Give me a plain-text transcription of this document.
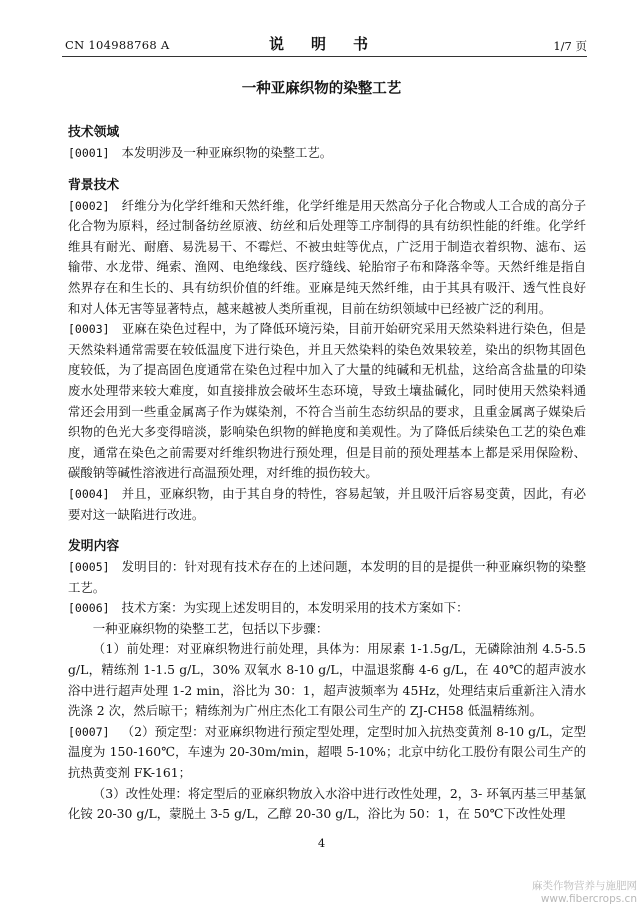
CN 104988768 A	说　明　书	1/7 页
一种亚麻织物的染整工艺
技术领域

[0001] 本发明涉及一种亚麻织物的染整工艺。

背景技术

[0002] 纤维分为化学纤维和天然纤维，化学纤维是用天然高分子化合物或人工合成的高分子化合物为原料，经过制备纺丝原液、纺丝和后处理等工序制得的具有纺织性能的纤维。化学纤维具有耐光、耐磨、易洗易干、不霉烂、不被虫蛀等优点，广泛用于制造衣着织物、滤布、运输带、水龙带、绳索、渔网、电绝缘线、医疗缝线、轮胎帘子布和降落伞等。天然纤维是指自然界存在和生长的、具有纺织价值的纤维。亚麻是纯天然纤维，由于其具有吸汗、透气性良好和对人体无害等显著特点，越来越被人类所重视，目前在纺织领域中已经被广泛的利用。

[0003] 亚麻在染色过程中，为了降低环境污染，目前开始研究采用天然染料进行染色，但是天然染料通常需要在较低温度下进行染色，并且天然染料的染色效果较差，染出的织物其固色度较低，为了提高固色度通常在染色过程中加入了大量的纯碱和无机盐，这给高含盐量的印染废水处理带来较大难度，如直接排放会破坏生态环境，导致土壤盐碱化，同时使用天然染料通常还会用到一些重金属离子作为媒染剂，不符合当前生态纺织品的要求，且重金属离子媒染后织物的色光大多变得暗淡，影响染色织物的鲜艳度和美观性。为了降低后续染色工艺的染色难度，通常在染色之前需要对纤维织物进行预处理，但是目前的预处理基本上都是采用保险粉、碳酸钠等碱性溶液进行高温预处理，对纤维的损伤较大。

[0004] 并且，亚麻织物，由于其自身的特性，容易起皱，并且吸汗后容易变黄，因此，有必要对这一缺陷进行改进。

发明内容

[0005] 发明目的：针对现有技术存在的上述问题，本发明的目的是提供一种亚麻织物的染整工艺。

[0006] 技术方案：为实现上述发明目的，本发明采用的技术方案如下：

一种亚麻织物的染整工艺，包括以下步骤：

（1）前处理：对亚麻织物进行前处理，具体为：用尿素 1-1.5g/L，无磷除油剂 4.5-5.5 g/L，精练剂 1-1.5 g/L，30% 双氧水 8-10 g/L，中温退浆酶 4-6 g/L，在 40℃的超声波水浴中进行超声处理 1-2 min，浴比为 30：1，超声波频率为 45Hz，处理结束后重新注入清水洗涤 2 次，然后晾干；精练剂为广州庄杰化工有限公司生产的 ZJ-CH58 低温精练剂。

[0007] （2）预定型：对亚麻织物进行预定型处理，定型时加入抗热变黄剂 8-10 g/L，定型温度为 150-160℃，车速为 20-30m/min，超喂 5-10%；北京中纺化工股份有限公司生产的抗热黄变剂 FK-161；

（3）改性处理：将定型后的亚麻织物放入水浴中进行改性处理，2，3- 环氧丙基三甲基氯化铵 20-30 g/L，蒙脱土 3-5 g/L，乙醇 20-30 g/L，浴比为 50：1，在 50℃下改性处理

4
麻类作物营养与施肥网
www.fibercrops.cn
